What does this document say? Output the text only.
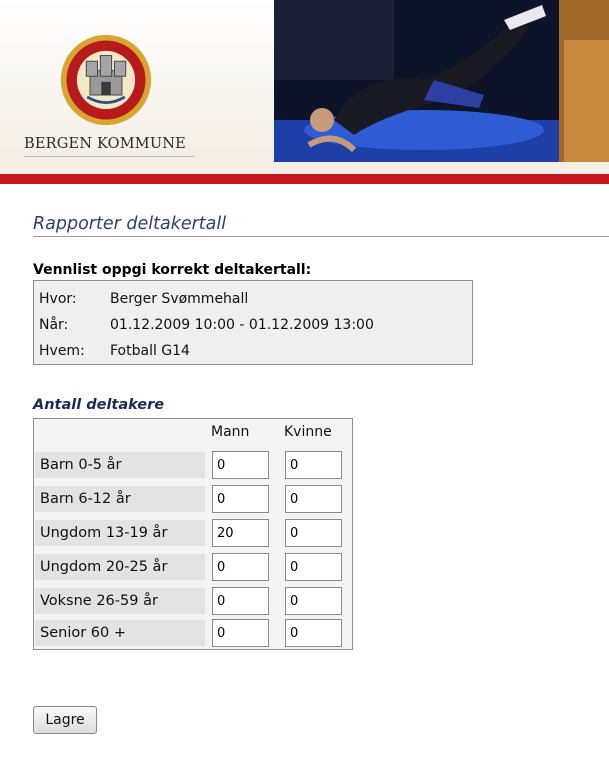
BERGEN KOMMUNE
Rapporter deltakertall
Vennlist oppgi korrekt deltakertall:
Hvor: Berger Svømmehall
Når:	01.12.2009 10:00 - 01.12.2009 13:00
Hvem: Fotball G14
Antall deltakere
Mann Kvinne
Barn 0-5 år
0
0
Barn 6-12 år
0
0
Ungdom 13-19 år
20
0
Ungdom 20-25 år
0
0
Voksne 26-59 år
0
0
Senior 60 +
0
0
Lagre
